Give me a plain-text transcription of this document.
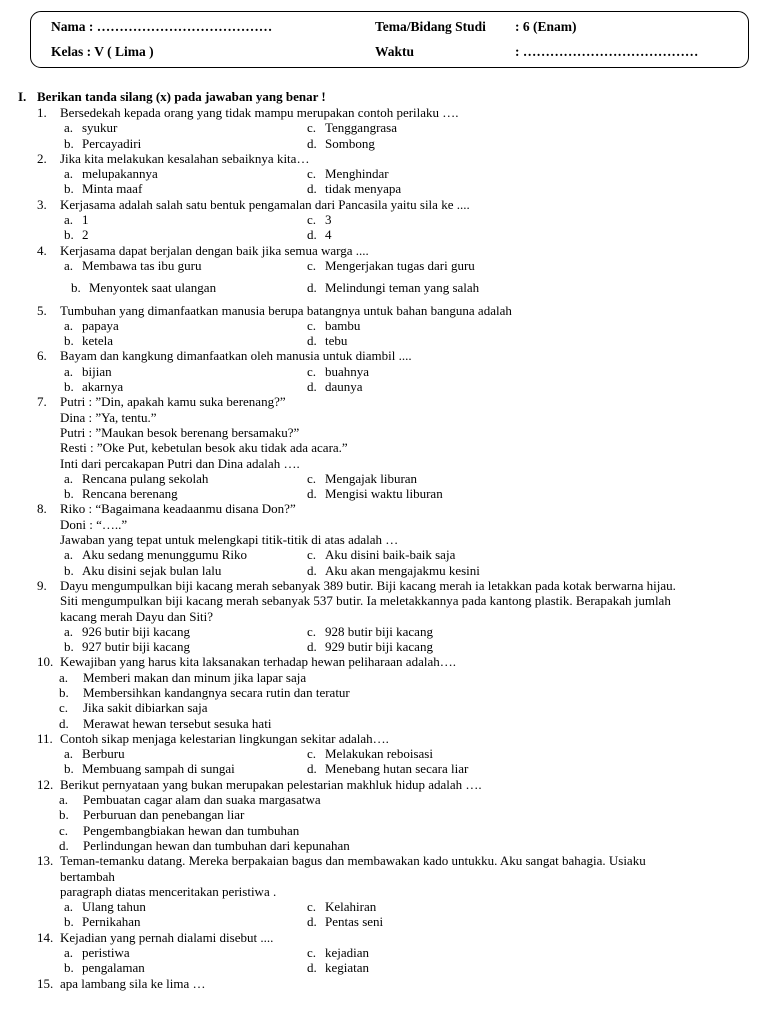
Nama : …………………………………
Kelas : V ( Lima )
Tema/Bidang Studi : 6 (Enam)
Waktu	: …………………………………
I. Berikan tanda silang (x) pada jawaban yang benar !
1. Bersedekah kepada orang yang tidak mampu merupakan contoh perilaku ….
a. syukur	c. Tenggangrasa
b. Percayadiri	d. Sombong
2. Jika kita melakukan kesalahan sebaiknya kita…
a. melupakannya	c. Menghindar
b. Minta maaf	d. tidak menyapa
3. Kerjasama adalah salah satu bentuk pengamalan dari Pancasila yaitu sila ke ....
a. 1	c. 3
b. 2	d. 4
4. Kerjasama dapat berjalan dengan baik jika semua warga ....
a. Membawa tas ibu guru	c. Mengerjakan tugas dari guru
b. Menyontek saat ulangan	d. Melindungi teman yang salah
5. Tumbuhan yang dimanfaatkan manusia berupa batangnya untuk bahan banguna adalah
a. papaya	c. bambu
b. ketela	d. tebu
6. Bayam dan kangkung dimanfaatkan oleh manusia untuk diambil ....
a. bijian	c. buahnya
b. akarnya	d. daunya
7. Putri : ”Din, apakah kamu suka berenang?”
Dina : ”Ya, tentu.”
Putri : ”Maukan besok berenang bersamaku?”
Resti : ”Oke Put, kebetulan besok aku tidak ada acara.”
Inti dari percakapan Putri dan Dina adalah ….
a. Rencana pulang sekolah	c. Mengajak liburan
b. Rencana berenang	d. Mengisi waktu liburan
8. Riko : “Bagaimana keadaanmu disana Don?”
Doni : “…..”
Jawaban yang tepat untuk melengkapi titik-titik di atas adalah …
a. Aku sedang menunggumu Riko	c. Aku disini baik-baik saja
b. Aku disini sejak bulan lalu	d. Aku akan mengajakmu kesini
9. Dayu mengumpulkan biji kacang merah sebanyak 389 butir. Biji kacang merah ia letakkan pada kotak berwarna hijau.
Siti mengumpulkan biji kacang merah sebanyak 537 butir. Ia meletakkannya pada kantong plastik. Berapakah jumlah
kacang merah Dayu dan Siti?
a. 926 butir biji kacang	c. 928 butir biji kacang
b. 927 butir biji kacang	d. 929 butir biji kacang
10. Kewajiban yang harus kita laksanakan terhadap hewan peliharaan adalah….
a. Memberi makan dan minum jika lapar saja
b. Membersihkan kandangnya secara rutin dan teratur
c. Jika sakit dibiarkan saja
d. Merawat hewan tersebut sesuka hati
11. Contoh sikap menjaga kelestarian lingkungan sekitar adalah….
a. Berburu	c. Melakukan reboisasi
b. Membuang sampah di sungai	d. Menebang hutan secara liar
12. Berikut pernyataan yang bukan merupakan pelestarian makhluk hidup adalah ….
a. Pembuatan cagar alam dan suaka margasatwa
b. Perburuan dan penebangan liar
c. Pengembangbiakan hewan dan tumbuhan
d. Perlindungan hewan dan tumbuhan dari kepunahan
13. Teman-temanku datang. Mereka berpakaian bagus dan membawakan kado untukku. Aku sangat bahagia. Usiaku
bertambah
paragraph diatas menceritakan peristiwa .
a. Ulang tahun	c. Kelahiran
b. Pernikahan	d. Pentas seni
14. Kejadian yang pernah dialami disebut ....
a. peristiwa	c. kejadian
b. pengalaman	d. kegiatan
15. apa lambang sila ke lima …
